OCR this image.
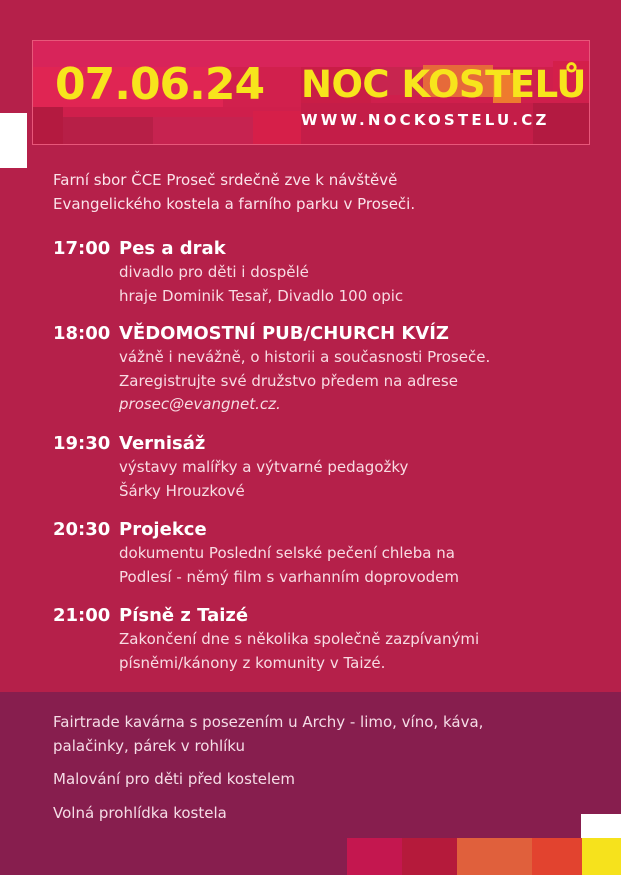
07.06.24 NOC KOSTELŮ
WWW.NOCKOSTELU.CZ
Farní sbor ČCE Proseč srdečně zve k návštěvě
Evangelického kostela a farního parku v Proseči.
17:00 Pes a drak
divadlo pro děti i dospělé
hraje Dominik Tesař, Divadlo 100 opic
18:00 VĚDOMOSTNÍ PUB/CHURCH KVÍZ
vážně i nevážně, o historii a současnosti Proseče.
Zaregistrujte své družstvo předem na adrese
prosec@evangnet.cz.
19:30 Vernisáž
výstavy malířky a výtvarné pedagožky
Šárky Hrouzkové
20:30 Projekce
dokumentu Poslední selské pečení chleba na
Podlesí - němý film s varhanním doprovodem
21:00 Písně z Taizé
Zakončení dne s několika společně zazpívanými
písněmi/kánony z komunity v Taizé.

Fairtrade kavárna s posezením u Archy - limo, víno, káva,

palačinky, párek v rohlíku

Malování pro děti před kostelem

Volná prohlídka kostela
